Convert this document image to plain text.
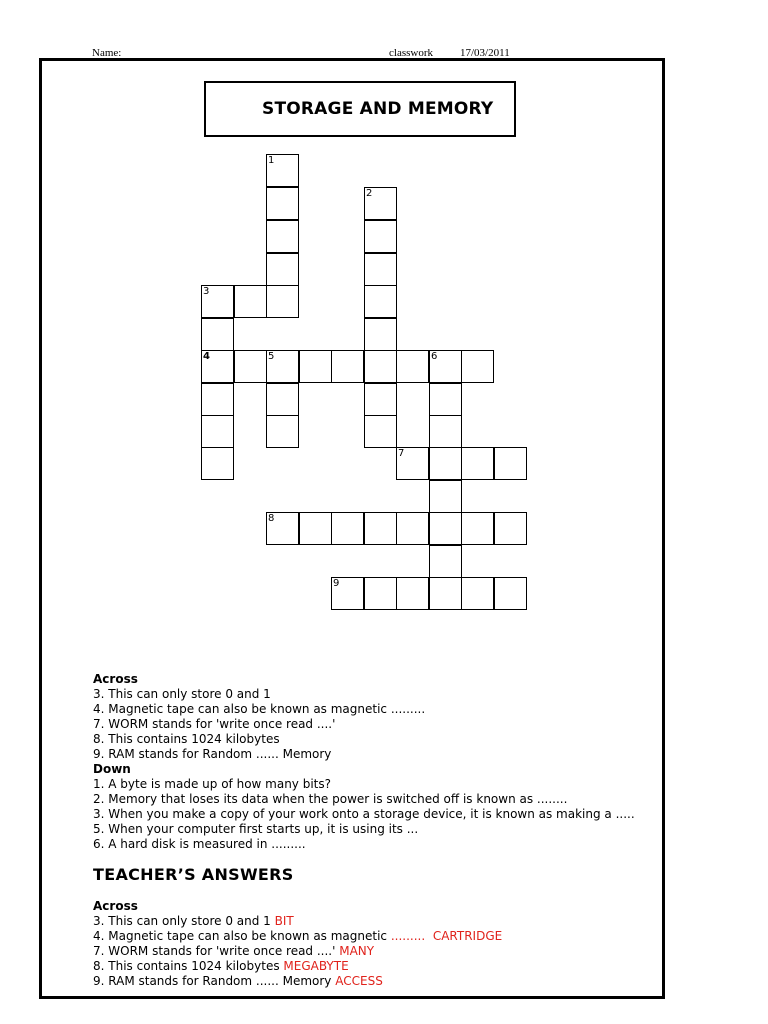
Name:	classwork 17/03/2011
STORAGE AND MEMORY
1
3
4	5	6
2
7
8
9
Across
3. This can only store 0 and 1
4. Magnetic tape can also be known as magnetic .........
7. WORM stands for 'write once read ....'
8. This contains 1024 kilobytes
9. RAM stands for Random ...... Memory
Down
1. A byte is made up of how many bits?
2. Memory that loses its data when the power is switched off is known as ........
3. When you make a copy of your work onto a storage device, it is known as making a .....
5. When your computer first starts up, it is using its ...
6. A hard disk is measured in .........
TEACHER’S ANSWERS
Across
3. This can only store 0 and 1 BIT
4. Magnetic tape can also be known as magnetic ......... CARTRIDGE
7. WORM stands for 'write once read ....' MANY
8. This contains 1024 kilobytes MEGABYTE
9. RAM stands for Random ...... Memory ACCESS
